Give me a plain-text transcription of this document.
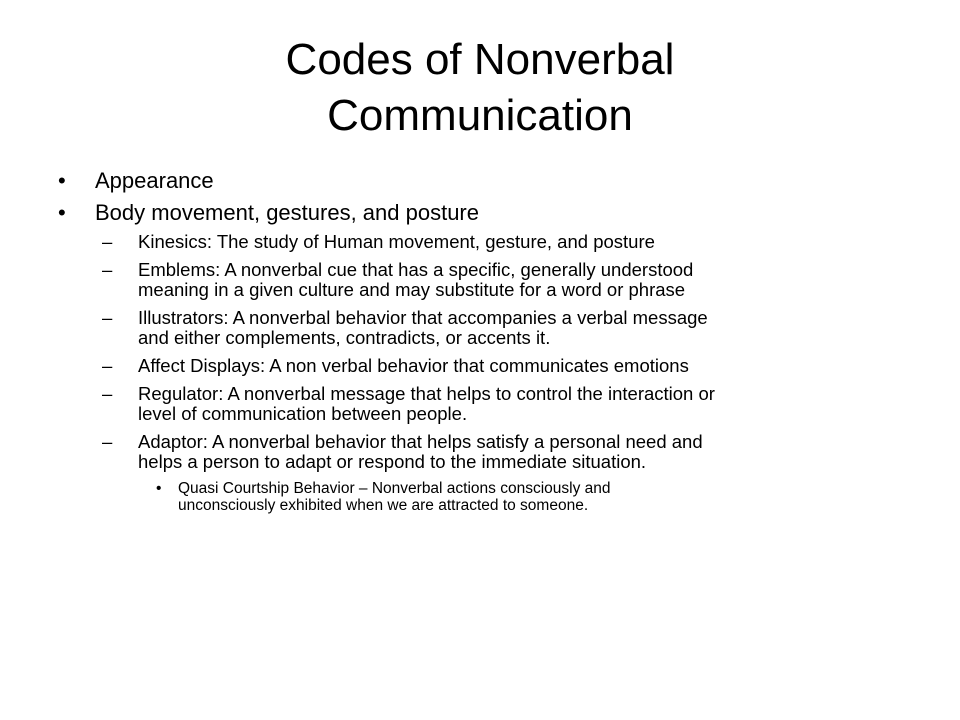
Codes of Nonverbal
Communication
• Appearance
• Body movement, gestures, and posture
– Kinesics: The study of Human movement, gesture, and posture
– Emblems: A nonverbal cue that has a specific, generally understood
meaning in a given culture and may substitute for a word or phrase
– Illustrators: A nonverbal behavior that accompanies a verbal message
and either complements, contradicts, or accents it.
– Affect Displays: A non verbal behavior that communicates emotions
– Regulator: A nonverbal message that helps to control the interaction or
level of communication between people.
– Adaptor: A nonverbal behavior that helps satisfy a personal need and
helps a person to adapt or respond to the immediate situation.
• Quasi Courtship Behavior – Nonverbal actions consciously and
unconsciously exhibited when we are attracted to someone.
